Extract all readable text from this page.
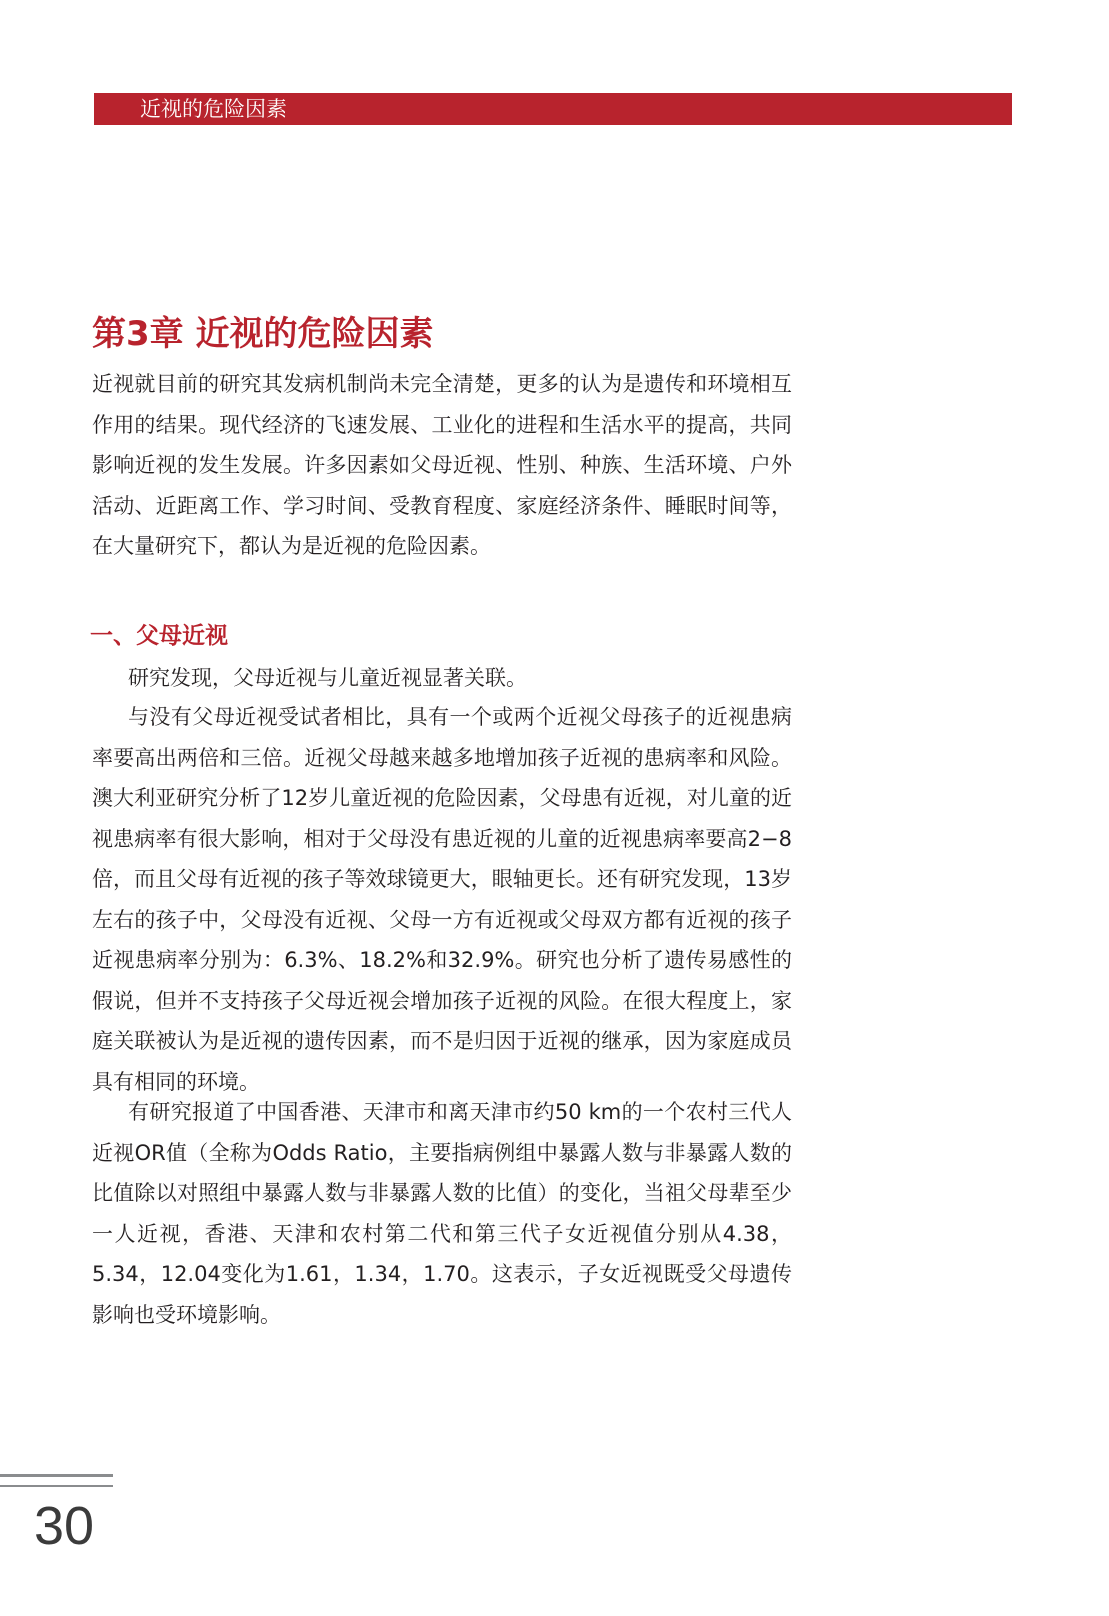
近视的危险因素
第3章 近视的危险因素

近视就目前的研究其发病机制尚未完全清楚，更多的认为是遗传和环境相互作用的结果。现代经济的飞速发展、工业化的进程和生活水平的提高，共同影响近视的发生发展。许多因素如父母近视、性别、种族、生活环境、户外活动、近距离工作、学习时间、受教育程度、家庭经济条件、睡眠时间等，在大量研究下，都认为是近视的危险因素。

一、父母近视

研究发现，父母近视与儿童近视显著关联。

与没有父母近视受试者相比，具有一个或两个近视父母孩子的近视患病率要高出两倍和三倍。近视父母越来越多地增加孩子近视的患病率和风险。澳大利亚研究分析了12岁儿童近视的危险因素，父母患有近视，对儿童的近视患病率有很大影响，相对于父母没有患近视的儿童的近视患病率要高2−8倍，而且父母有近视的孩子等效球镜更大，眼轴更长。还有研究发现，13岁左右的孩子中，父母没有近视、父母一方有近视或父母双方都有近视的孩子近视患病率分别为：6.3%、18.2%和32.9%。研究也分析了遗传易感性的假说，但并不支持孩子父母近视会增加孩子近视的风险。在很大程度上，家庭关联被认为是近视的遗传因素，而不是归因于近视的继承，因为家庭成员具有相同的环境。

有研究报道了中国香港、天津市和离天津市约50 km的一个农村三代人近视OR值（全称为Odds Ratio，主要指病例组中暴露人数与非暴露人数的比值除以对照组中暴露人数与非暴露人数的比值）的变化，当祖父母辈至少一人近视，香港、天津和农村第二代和第三代子女近视值分别从4.38，5.34，12.04变化为1.61，1.34，1.70。这表示，子女近视既受父母遗传影响也受环境影响。

30
